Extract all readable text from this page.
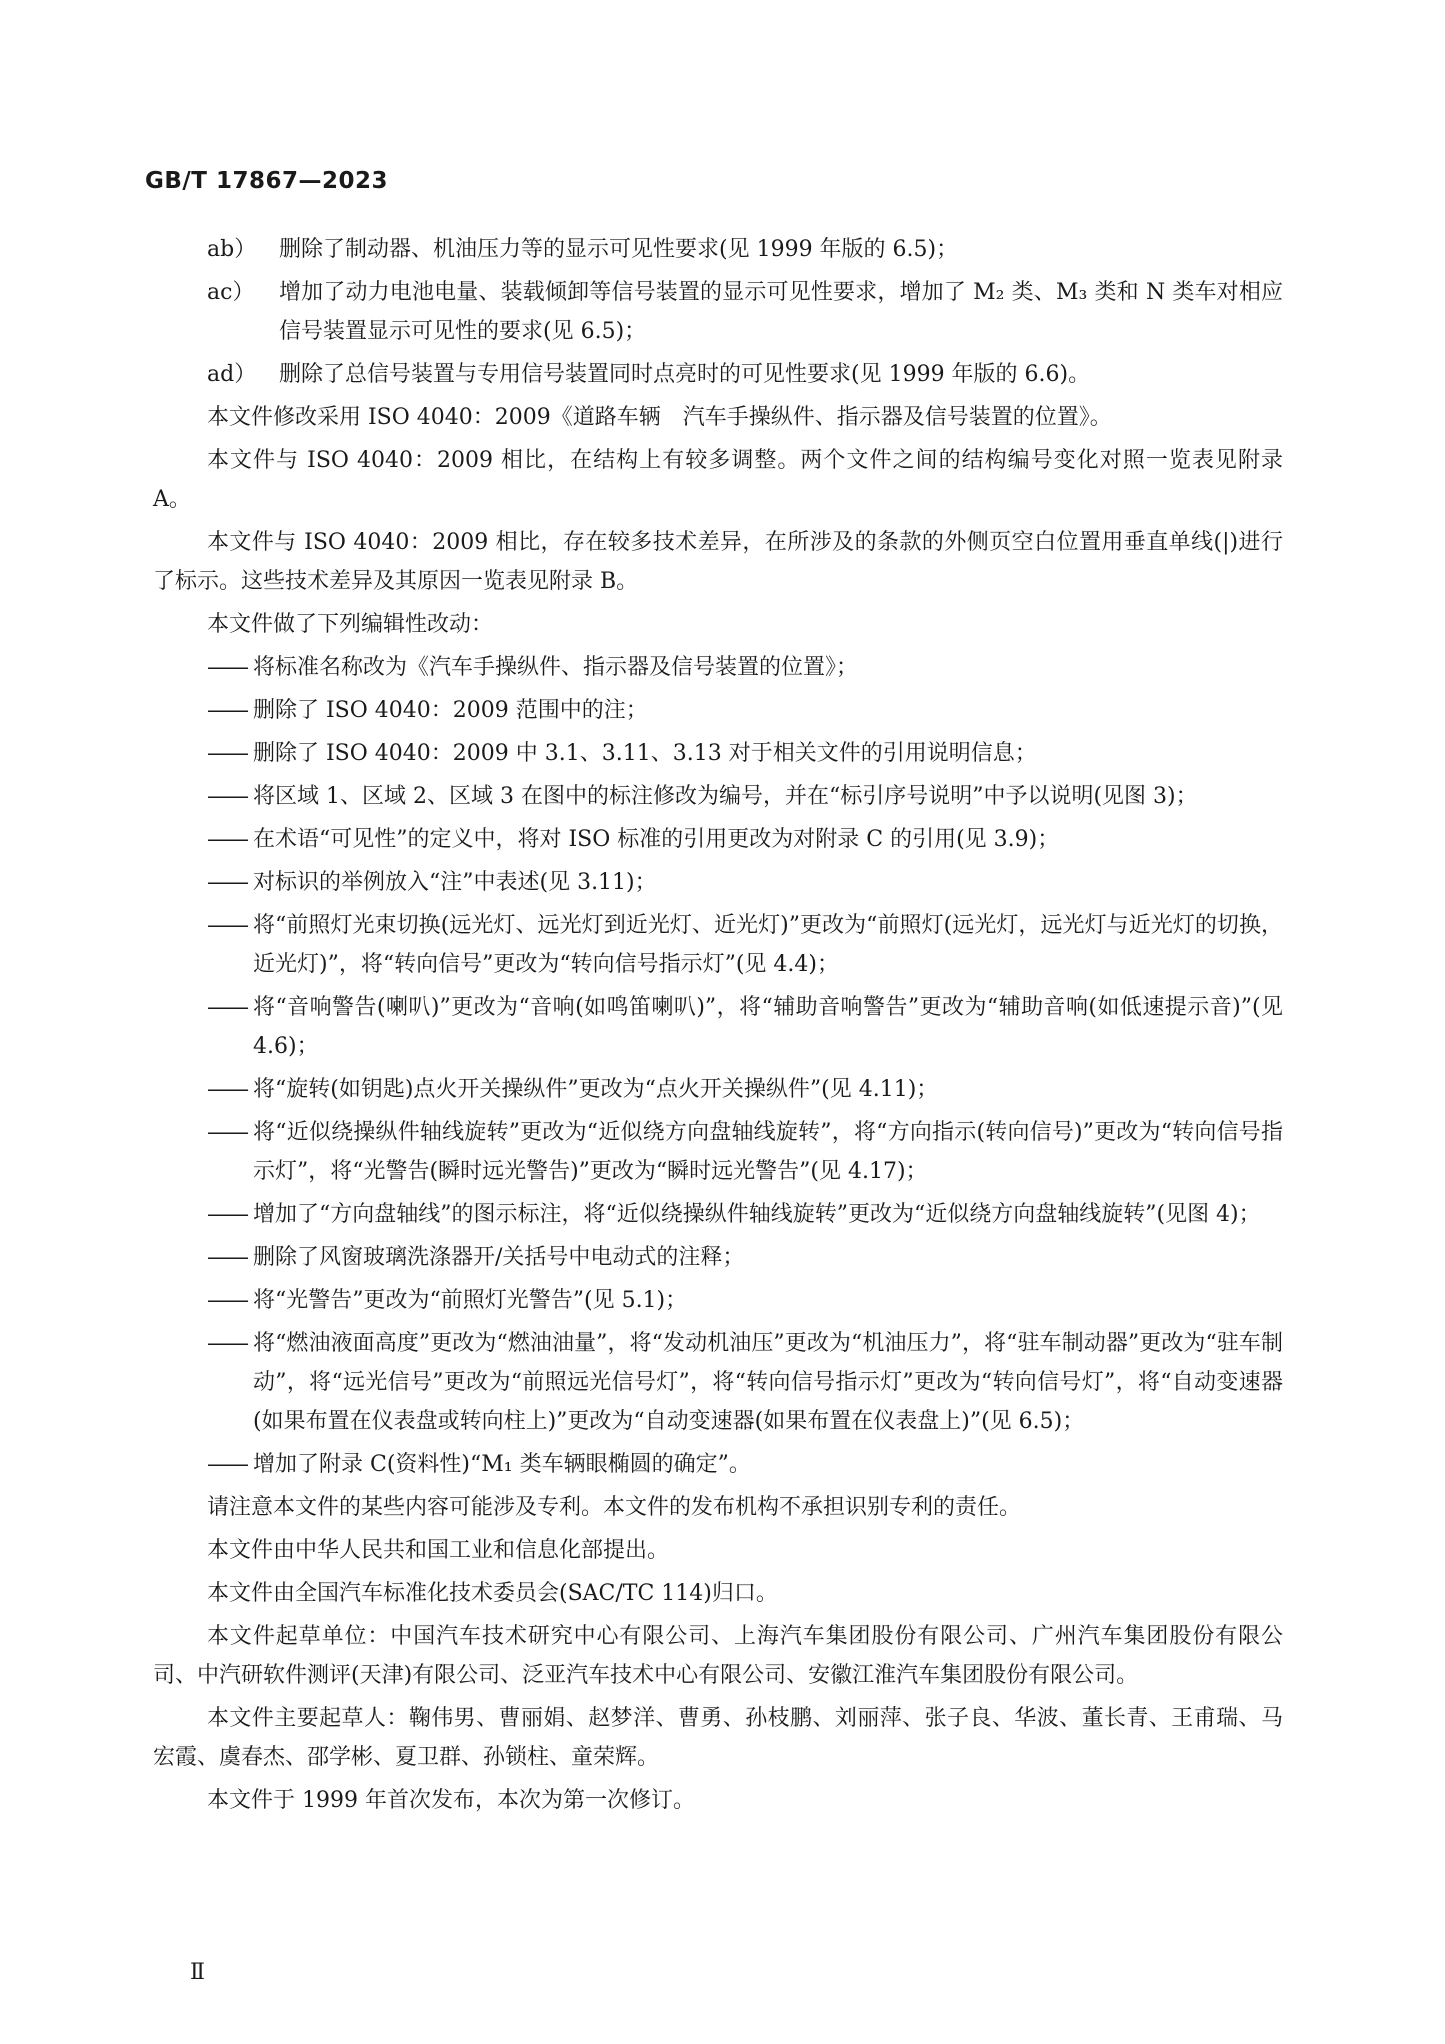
GB/T 17867—2023
ab）	删除了制动器、机油压力等的显示可见性要求(见 1999 年版的 6.5)；
ac）	增加了动力电池电量、装载倾卸等信号装置的显示可见性要求，增加了 M₂ 类、M₃ 类和 N 类车对相应信号装置显示可见性的要求(见 6.5)；
ad）	删除了总信号装置与专用信号装置同时点亮时的可见性要求(见 1999 年版的 6.6)。

本文件修改采用 ISO 4040：2009《道路车辆　汽车手操纵件、指示器及信号装置的位置》。

本文件与 ISO 4040：2009 相比，在结构上有较多调整。两个文件之间的结构编号变化对照一览表见附录 A。

本文件与 ISO 4040：2009 相比，存在较多技术差异，在所涉及的条款的外侧页空白位置用垂直单线(|)进行了标示。这些技术差异及其原因一览表见附录 B。

本文件做了下列编辑性改动：

—— 将标准名称改为《汽车手操纵件、指示器及信号装置的位置》；
—— 删除了 ISO 4040：2009 范围中的注；
—— 删除了 ISO 4040：2009 中 3.1、3.11、3.13 对于相关文件的引用说明信息；
—— 将区域 1、区域 2、区域 3 在图中的标注修改为编号，并在“标引序号说明”中予以说明(见图 3)；
—— 在术语“可见性”的定义中，将对 ISO 标准的引用更改为对附录 C 的引用(见 3.9)；
—— 对标识的举例放入“注”中表述(见 3.11)；
—— 将“前照灯光束切换(远光灯、远光灯到近光灯、近光灯)”更改为“前照灯(远光灯，远光灯与近光灯的切换，近光灯)”，将“转向信号”更改为“转向信号指示灯”(见 4.4)；
—— 将“音响警告(喇叭)”更改为“音响(如鸣笛喇叭)”，将“辅助音响警告”更改为“辅助音响(如低速提示音)”(见 4.6)；
—— 将“旋转(如钥匙)点火开关操纵件”更改为“点火开关操纵件”(见 4.11)；
—— 将“近似绕操纵件轴线旋转”更改为“近似绕方向盘轴线旋转”，将“方向指示(转向信号)”更改为“转向信号指示灯”，将“光警告(瞬时远光警告)”更改为“瞬时远光警告”(见 4.17)；
—— 增加了“方向盘轴线”的图示标注，将“近似绕操纵件轴线旋转”更改为“近似绕方向盘轴线旋转”(见图 4)；
—— 删除了风窗玻璃洗涤器开/关括号中电动式的注释；
—— 将“光警告”更改为“前照灯光警告”(见 5.1)；
—— 将“燃油液面高度”更改为“燃油油量”，将“发动机油压”更改为“机油压力”，将“驻车制动器”更改为“驻车制动”，将“远光信号”更改为“前照远光信号灯”，将“转向信号指示灯”更改为“转向信号灯”，将“自动变速器(如果布置在仪表盘或转向柱上)”更改为“自动变速器(如果布置在仪表盘上)”(见 6.5)；
—— 增加了附录 C(资料性)“M₁ 类车辆眼椭圆的确定”。

请注意本文件的某些内容可能涉及专利。本文件的发布机构不承担识别专利的责任。

本文件由中华人民共和国工业和信息化部提出。

本文件由全国汽车标准化技术委员会(SAC/TC 114)归口。

本文件起草单位：中国汽车技术研究中心有限公司、上海汽车集团股份有限公司、广州汽车集团股份有限公司、中汽研软件测评(天津)有限公司、泛亚汽车技术中心有限公司、安徽江淮汽车集团股份有限公司。

本文件主要起草人：鞠伟男、曹丽娟、赵梦洋、曹勇、孙枝鹏、刘丽萍、张子良、华波、董长青、王甫瑞、马宏霞、虞春杰、邵学彬、夏卫群、孙锁柱、童荣辉。

本文件于 1999 年首次发布，本次为第一次修订。

Ⅱ
